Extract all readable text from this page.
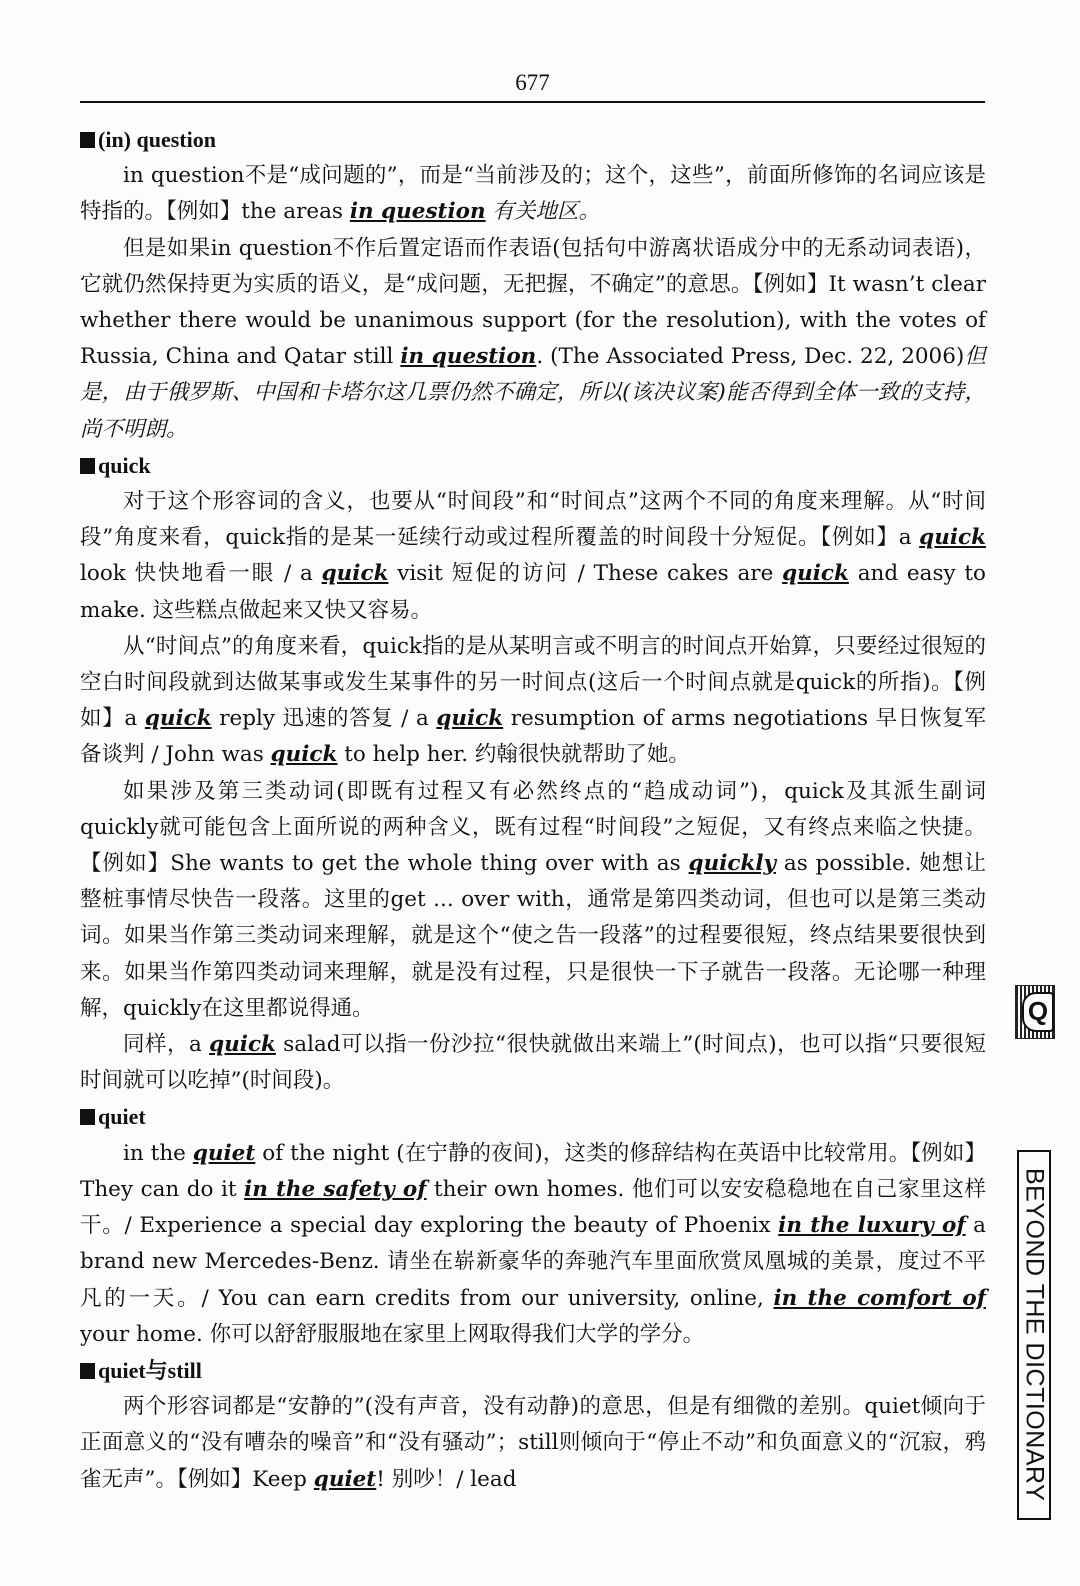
677
(in) question

in question不是“成问题的”，而是“当前涉及的；这个，这些”，前面所修饰的名词应该是特指的。【例如】the areas in question 有关地区。

但是如果in question不作后置定语而作表语(包括句中游离状语成分中的无系动词表语)，它就仍然保持更为实质的语义，是“成问题，无把握，不确定”的意思。【例如】It wasn’t clear whether there would be unanimous support (for the resolution), with the votes of Russia, China and Qatar still in question. (The Associated Press, Dec. 22, 2006)但是，由于俄罗斯、中国和卡塔尔这几票仍然不确定，所以(该决议案)能否得到全体一致的支持，尚不明朗。

quick

对于这个形容词的含义，也要从“时间段”和“时间点”这两个不同的角度来理解。从“时间段”角度来看，quick指的是某一延续行动或过程所覆盖的时间段十分短促。【例如】a quick look 快快地看一眼 / a quick visit 短促的访问 / These cakes are quick and easy to make. 这些糕点做起来又快又容易。

从“时间点”的角度来看，quick指的是从某明言或不明言的时间点开始算，只要经过很短的空白时间段就到达做某事或发生某事件的另一时间点(这后一个时间点就是quick的所指)。【例如】a quick reply 迅速的答复 / a quick resumption of arms negotiations 早日恢复军备谈判 / John was quick to help her. 约翰很快就帮助了她。

如果涉及第三类动词(即既有过程又有必然终点的“趋成动词”)，quick及其派生副词quickly就可能包含上面所说的两种含义，既有过程“时间段”之短促，又有终点来临之快捷。【例如】She wants to get the whole thing over with as quickly as possible. 她想让整桩事情尽快告一段落。这里的get ... over with，通常是第四类动词，但也可以是第三类动词。如果当作第三类动词来理解，就是这个“使之告一段落”的过程要很短，终点结果要很快到来。如果当作第四类动词来理解，就是没有过程，只是很快一下子就告一段落。无论哪一种理解，quickly在这里都说得通。

同样，a quick salad可以指一份沙拉“很快就做出来端上”(时间点)，也可以指“只要很短时间就可以吃掉”(时间段)。

quiet

in the quiet of the night (在宁静的夜间)，这类的修辞结构在英语中比较常用。【例如】They can do it in the safety of their own homes. 他们可以安安稳稳地在自己家里这样干。/ Experience a special day exploring the beauty of Phoenix in the luxury of a brand new Mercedes-Benz. 请坐在崭新豪华的奔驰汽车里面欣赏凤凰城的美景，度过不平凡的一天。/ You can earn credits from our university, online, in the comfort of your home. 你可以舒舒服服地在家里上网取得我们大学的学分。

quiet与still

两个形容词都是“安静的”(没有声音，没有动静)的意思，但是有细微的差别。quiet倾向于正面意义的“没有嘈杂的噪音”和“没有骚动”；still则倾向于“停止不动”和负面意义的“沉寂，鸦雀无声”。【例如】Keep quiet! 别吵！/ lead

Q
BEYOND THE DICTIONARY
